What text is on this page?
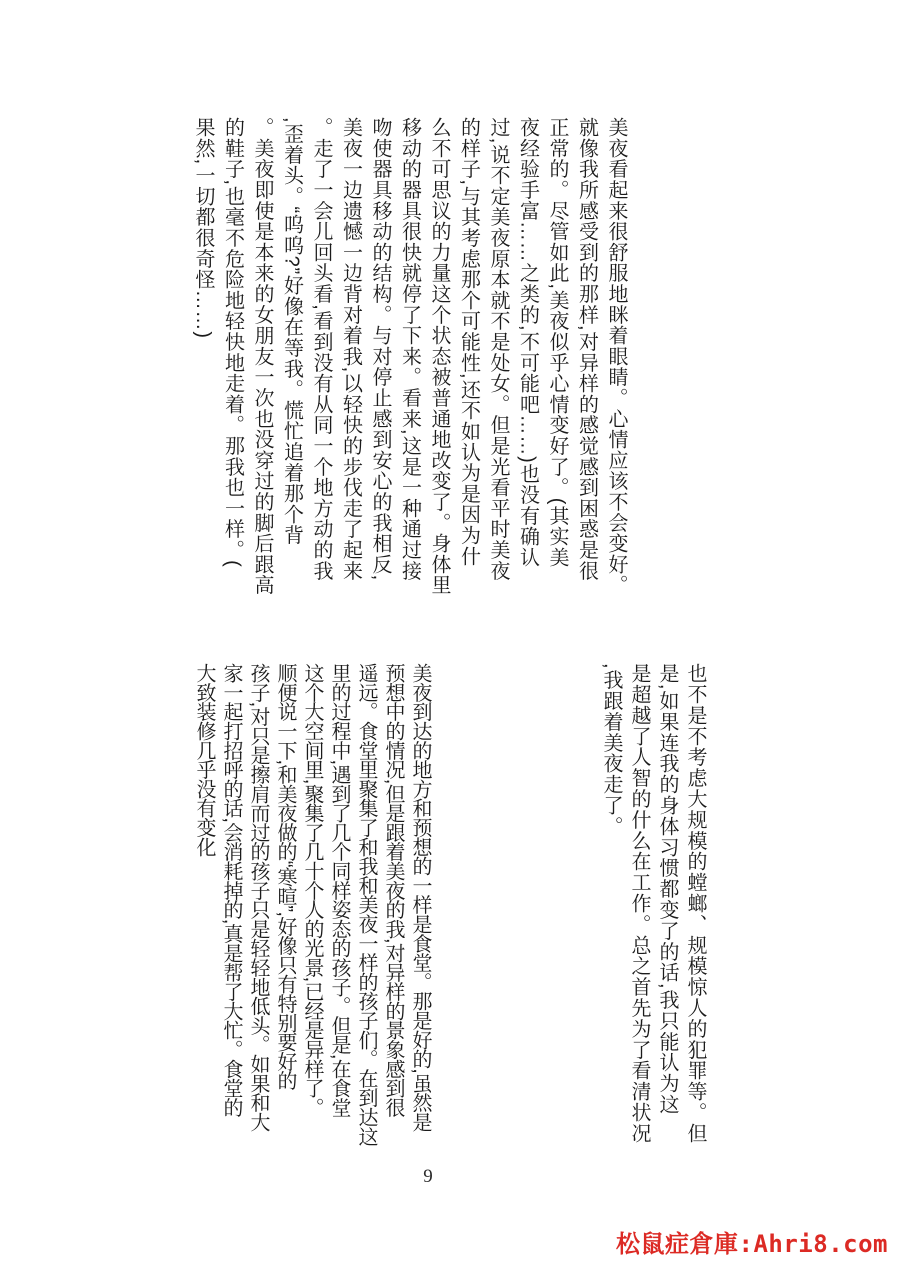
美夜看起来很舒服地眯着眼睛。心情应该不会变好。
就像我所感受到的那样,对异样的感觉感到困惑是很
正常的。尽管如此,美夜似乎心情变好了。(其实美
夜经验手富……之类的,不可能吧……)也没有确认
过,说不定美夜原本就不是处女。但是光看平时美夜
的样子,与其考虑那个可能性,还不如认为是因为什
么不可思议的力量这个状态被普通地改变了。身体里
移动的器具很快就停了下来。看来,这是一种通过接
吻使器具移动的结构。与对停止感到安心的我相反,
美夜一边遗憾一边背对着我,以轻快的步伐走了起来
。走了一会儿回头看,看到没有从同一个地方动的我
,歪着头。“呜呜?”好像在等我。慌忙追着那个背
。美夜即使是本来的女朋友一次也没穿过的脚后跟高
的鞋子,也毫不危险地轻快地走着。那我也一样。(
果然,一切都很奇怪……)
也不是不考虑大规模的螳螂、规模惊人的犯罪等。但
是,如果连我的身体习惯都变了的话,我只能认为这
是超越了人智的什么在工作。总之首先为了看清状况
,我跟着美夜走了。
美夜到达的地方和预想的一样是食堂。那是好的,虽然是
预想中的情况,但是跟着美夜的我,对异样的景象感到很
遥远。食堂里聚集了和我和美夜一样的孩子们。在到达这
里的过程中,遇到了几个同样姿态的孩子。但是,在食堂
这个大空间里,聚集了几十个人的光景,已经是异样了。
顺便说一下,和美夜做的“寒暄”,好像只有特别要好的
孩子,对只是擦肩而过的孩子只是轻轻地低头。如果和大
家一起打招呼的话,会消耗掉的,真是帮了大忙。食堂的
大致装修几乎没有变化
9
松鼠症倉庫:Ahri8.com
